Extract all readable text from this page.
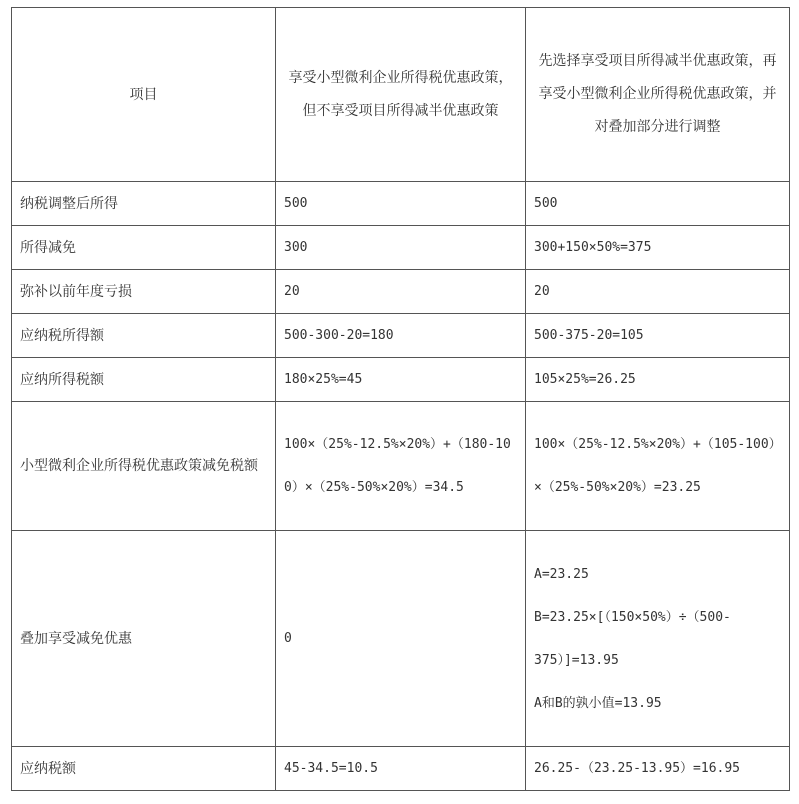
项目	享受小型微利企业所得税优惠政策，但不享受项目所得减半优惠政策	先选择享受项目所得减半优惠政策，再享受小型微利企业所得税优惠政策，并对叠加部分进行调整
纳税调整后所得	500	500
所得减免	300	300+150×50%=375
弥补以前年度亏损	20	20
应纳税所得额	500-300-20=180	500-375-20=105
应纳所得税额	180×25%=45	105×25%=26.25
小型微利企业所得税优惠政策减免税额	100×（25%-12.5%×20%）+（180-100）×（25%-50%×20%）=34.5	100×（25%-12.5%×20%）+（105-100）×（25%-50%×20%）=23.25
叠加享受减免优惠	0	A=23.25
B=23.25×[（150×50%）÷（500-
375）]=13.95
A和B的孰小值=13.95

应纳税额	45-34.5=10.5	26.25-（23.25-13.95）=16.95
